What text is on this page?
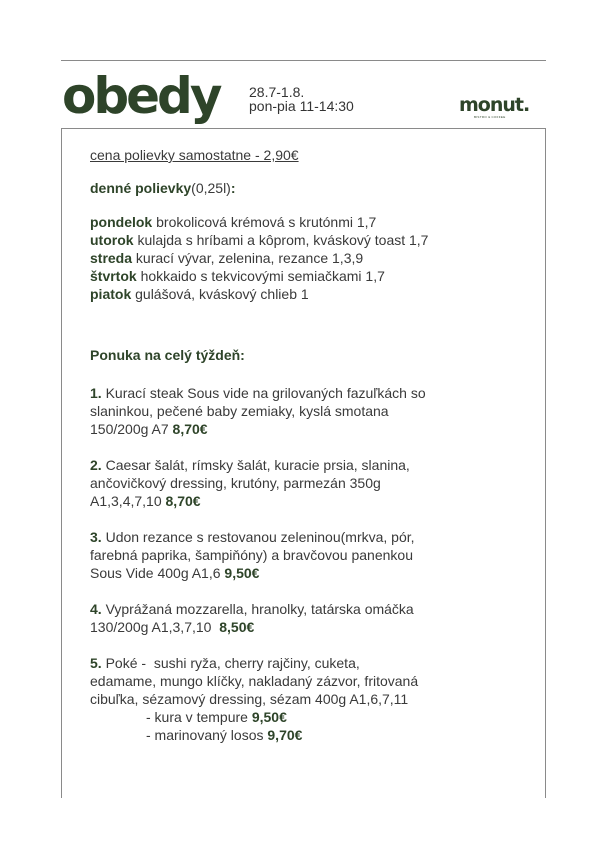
obedy 28.7-1.8.
pon-pia 11-14:30	monut.
BISTRO & COFFEE

cena polievky samostatne - 2,90€

denné polievky(0,25l):

pondelok brokolicová krémová s krutónmi 1,7

utorok kulajda s hríbami a kôprom, kváskový toast 1,7

streda kurací vývar, zelenina, rezance 1,3,9

štvrtok hokkaido s tekvicovými semiačkami 1,7

piatok gulášová, kváskový chlieb 1

Ponuka na celý týždeň:

1. Kurací steak Sous vide na grilovaných fazuľkách so
slaninkou, pečené baby zemiaky, kyslá smotana
150/200g A7 8,70€
2. Caesar šalát, rímsky šalát, kuracie prsia, slanina,
ančovičkový dressing, krutóny, parmezán 350g
A1,3,4,7,10 8,70€
3. Udon rezance s restovanou zeleninou(mrkva, pór,
farebná paprika, šampiňóny) a bravčovou panenkou
Sous Vide 400g A1,6 9,50€
4. Vyprážaná mozzarella, hranolky, tatárska omáčka
130/200g A1,3,7,10  8,50€
5. Poké -  sushi ryža, cherry rajčiny, cuketa,
edamame, mungo klíčky, nakladaný zázvor, fritovaná
cibuľka, sézamový dressing, sézam 400g A1,6,7,11
- kura v tempure 9,50€
- marinovaný losos 9,70€
